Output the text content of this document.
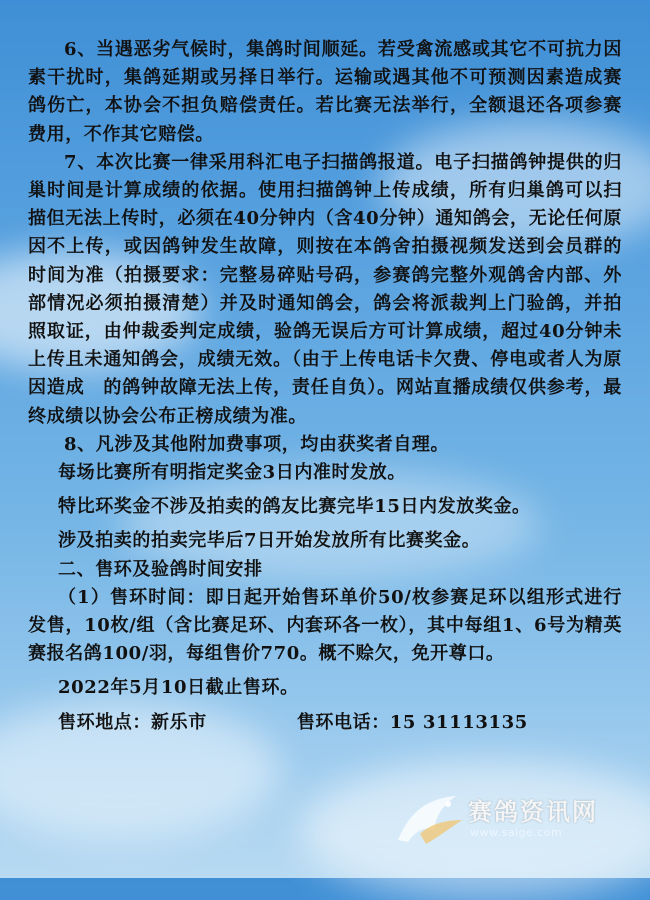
6、当遇恶劣气候时，集鸽时间顺延。若受禽流感或其它不可抗力因素干扰时，集鸽延期或另择日举行。运输或遇其他不可预测因素造成赛鸽伤亡，本协会不担负赔偿责任。若比赛无法举行，全额退还各项参赛费用，不作其它赔偿。

7、本次比赛一律采用科汇电子扫描鸽报道。电子扫描鸽钟提供的归巢时间是计算成绩的依据。使用扫描鸽钟上传成绩，所有归巢鸽可以扫描但无法上传时，必须在40分钟内（含40分钟）通知鸽会，无论任何原因不上传，或因鸽钟发生故障，则按在本鸽舍拍摄视频发送到会员群的时间为准（拍摄要求：完整易碎贴号码，参赛鸽完整外观鸽舍内部、外部情况必须拍摄清楚）并及时通知鸽会，鸽会将派裁判上门验鸽，并拍照取证，由仲裁委判定成绩，验鸽无误后方可计算成绩，超过40分钟未上传且未通知鸽会，成绩无效。（由于上传电话卡欠费、停电或者人为原因造成　的鸽钟故障无法上传，责任自负）。网站直播成绩仅供参考，最终成绩以协会公布正榜成绩为准。

8、凡涉及其他附加费事项，均由获奖者自理。

每场比赛所有明指定奖金3日内准时发放。

特比环奖金不涉及拍卖的鸽友比赛完毕15日内发放奖金。

涉及拍卖的拍卖完毕后7日开始发放所有比赛奖金。

二、售环及验鸽时间安排

（1）售环时间：即日起开始售环单价50/枚参赛足环以组形式进行发售，10枚/组（含比赛足环、内套环各一枚），其中每组1、6号为精英赛报名鸽100/羽，每组售价770。概不赊欠，免开尊口。

2022年5月10日截止售环。

售环地点：新乐市	售环电话：15 31113135
赛鸽资讯网
www.saige.com
